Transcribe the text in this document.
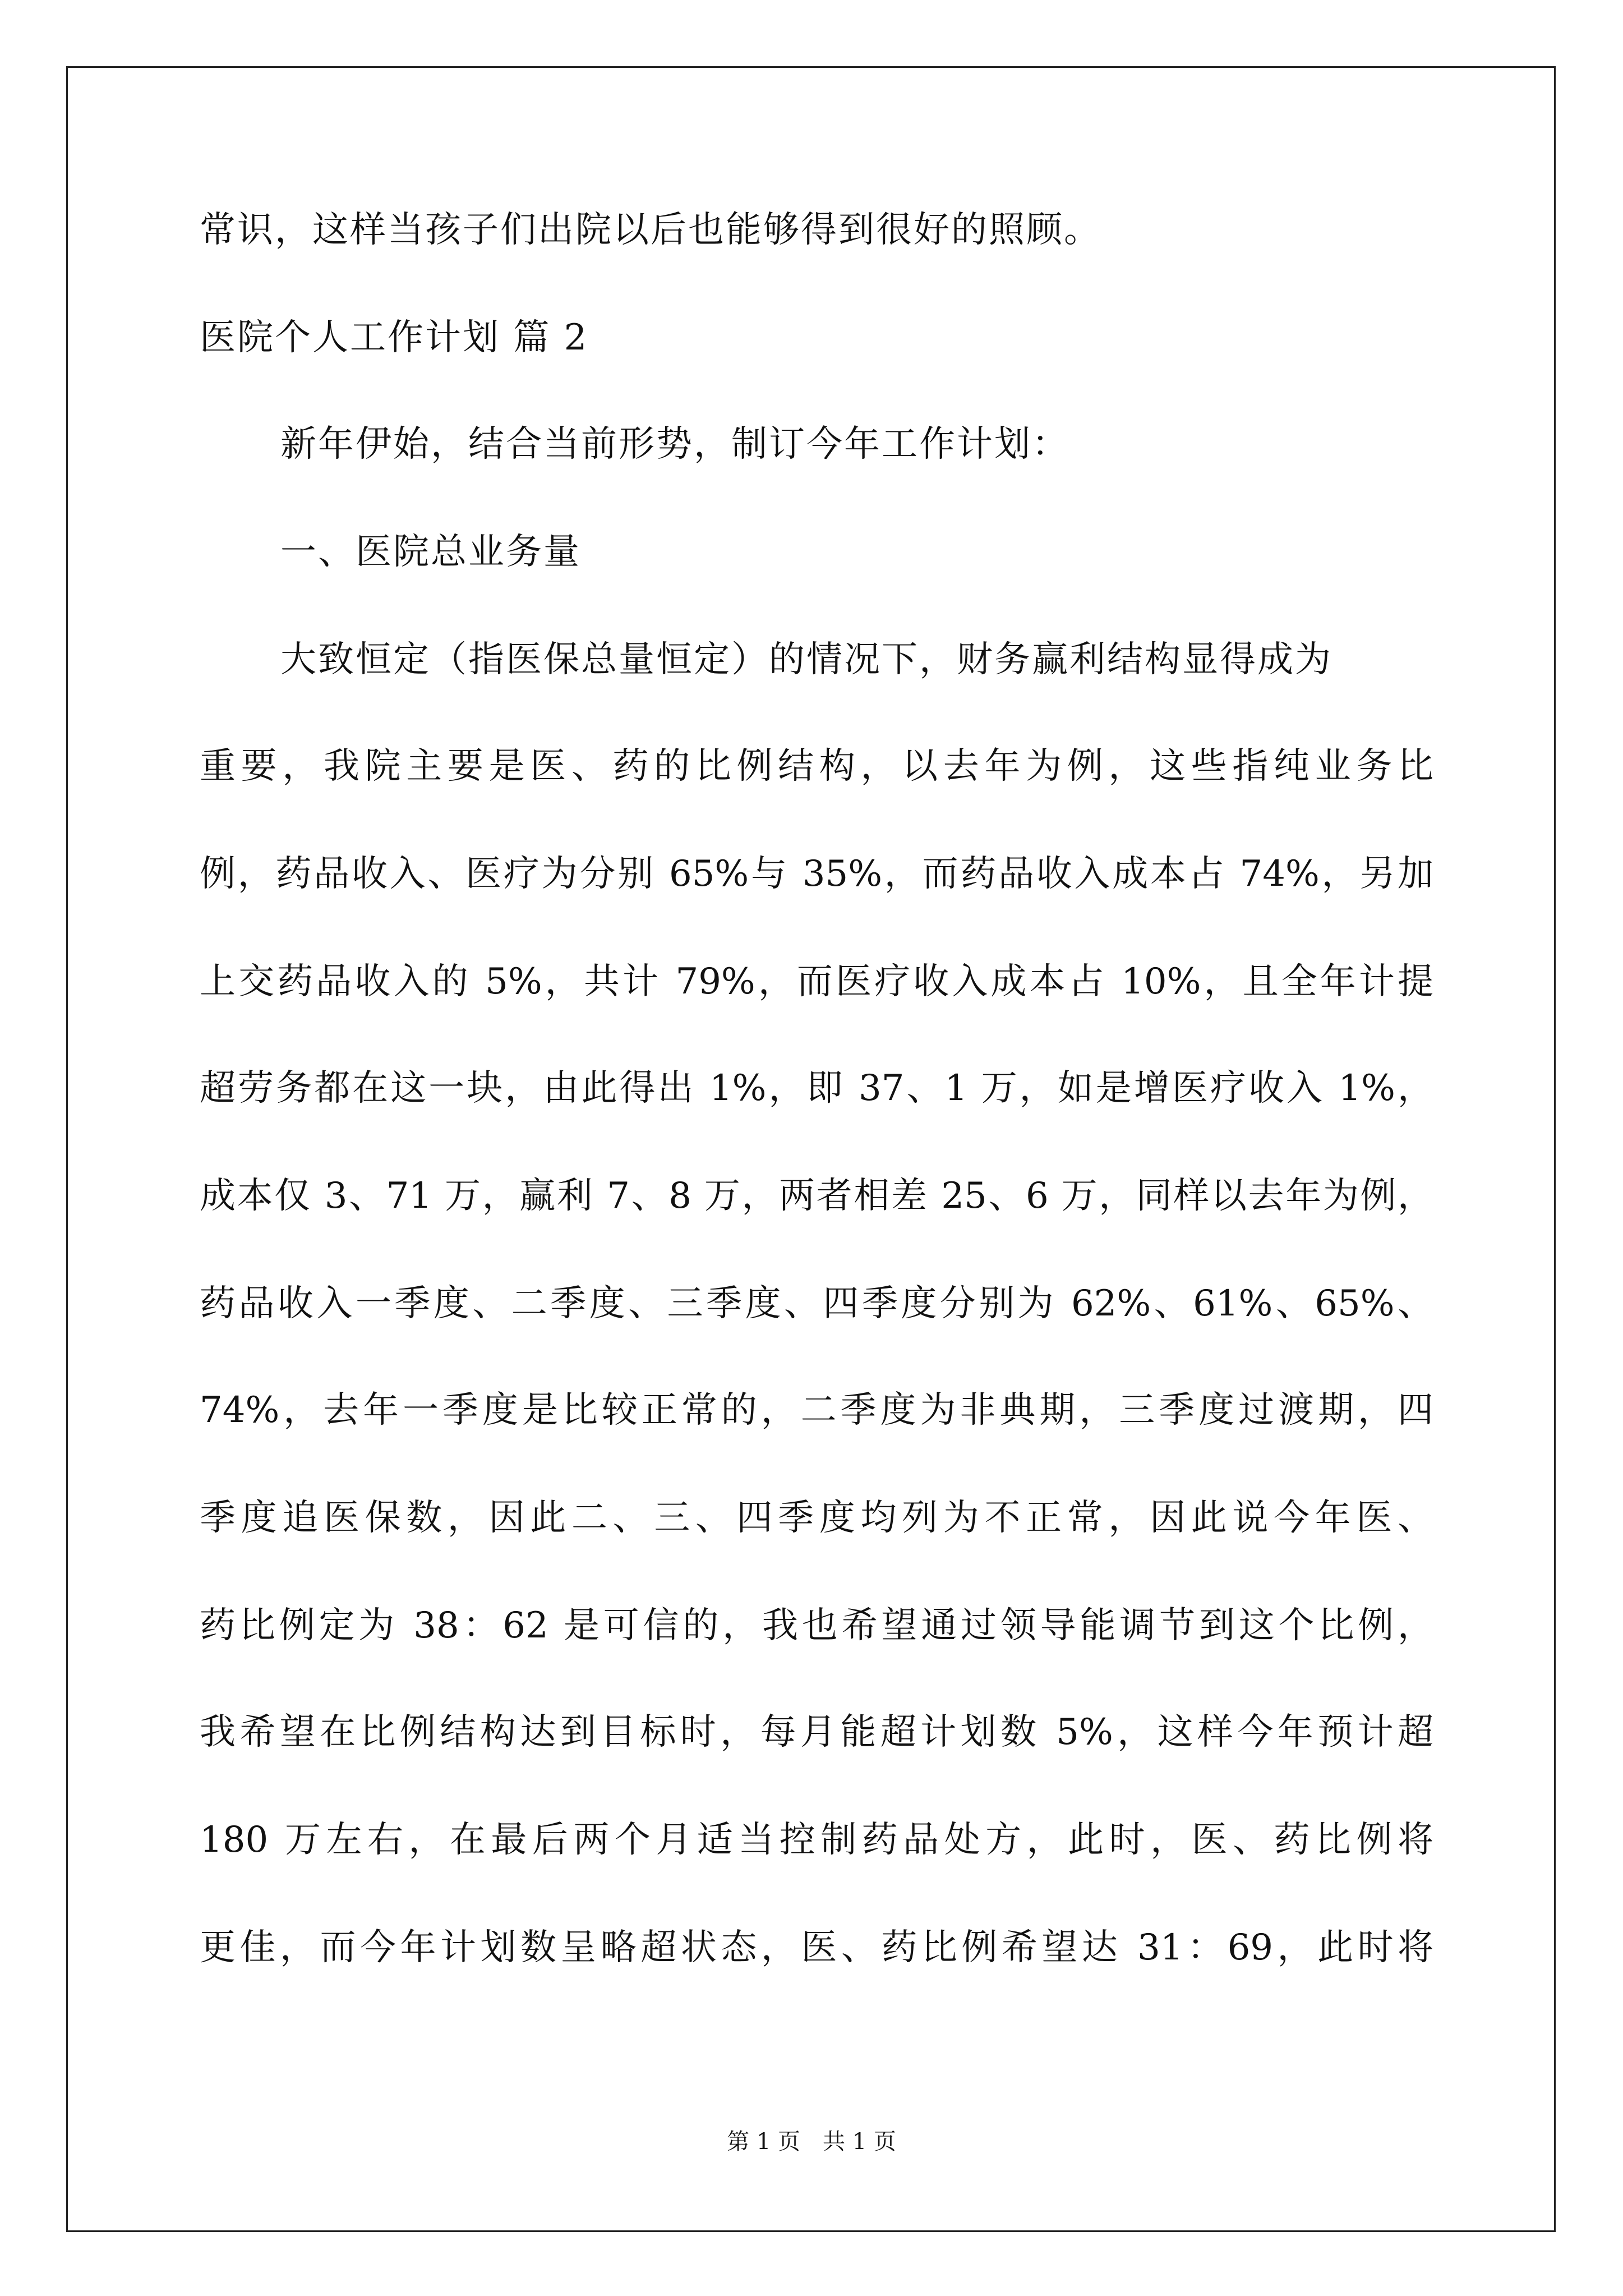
常识，这样当孩子们出院以后也能够得到很好的照顾。
医院个人工作计划 篇 2
新年伊始，结合当前形势，制订今年工作计划：
一、医院总业务量
大致恒定（指医保总量恒定）的情况下，财务赢利结构显得成为
重要，我院主要是医、药的比例结构，以去年为例，这些指纯业务比
例，药品收入、医疗为分别 65%与 35%，而药品收入成本占 74%，另加
上交药品收入的 5%，共计 79%，而医疗收入成本占 10%，且全年计提
超劳务都在这一块，由此得出 1%，即 37、1 万，如是增医疗收入 1%，
成本仅 3、71 万，赢利 7、8 万，两者相差 25、6 万，同样以去年为例，
药品收入一季度、二季度、三季度、四季度分别为 62%、61%、65%、
74%，去年一季度是比较正常的，二季度为非典期，三季度过渡期，四
季度追医保数，因此二、三、四季度均列为不正常，因此说今年医、
药比例定为 38：62 是可信的，我也希望通过领导能调节到这个比例，
我希望在比例结构达到目标时，每月能超计划数 5%，这样今年预计超
180 万左右，在最后两个月适当控制药品处方，此时，医、药比例将
更佳，而今年计划数呈略超状态，医、药比例希望达 31：69，此时将
第 1 页 共 1 页
